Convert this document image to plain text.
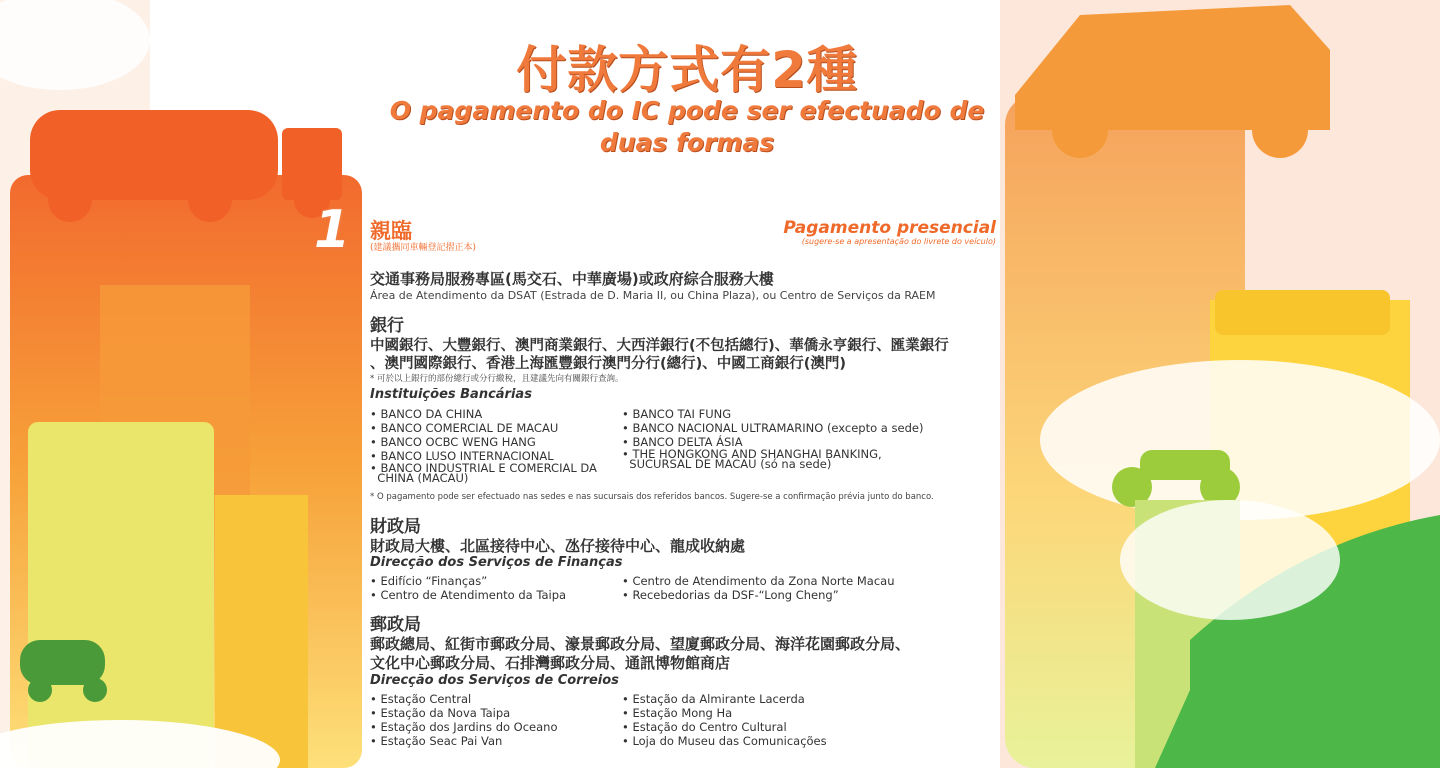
付款方式有2種
O pagamento do IC pode ser efectuado de
duas formas
1 親臨
(建議攜同車輛登記摺正本)
Pagamento presencial
(sugere-se a apresentação do livrete do veículo)
交通事務局服務專區(馬交石、中華廣場)或政府綜合服務大樓
Área de Atendimento da DSAT (Estrada de D. Maria II, ou China Plaza), ou Centro de Serviços da RAEM
銀行
中國銀行、大豐銀行、澳門商業銀行、大西洋銀行(不包括總行)、華僑永亨銀行、匯業銀行
、澳門國際銀行、香港上海匯豐銀行澳門分行(總行)、中國工商銀行(澳門)
* 可於以上銀行的部份總行或分行繳稅，且建議先向有關銀行查詢。
Instituições Bancárias
• BANCO DA CHINA
• BANCO COMERCIAL DE MACAU
• BANCO OCBC WENG HANG
• BANCO LUSO INTERNACIONAL
• BANCO INDUSTRIAL E COMERCIAL DA
CHINA (MACAU)
• BANCO TAI FUNG
• BANCO NACIONAL ULTRAMARINO (excepto a sede)
• BANCO DELTA ÁSIA
• THE HONGKONG AND SHANGHAI BANKING,
SUCURSAL DE MACAU (só na sede)
* O pagamento pode ser efectuado nas sedes e nas sucursais dos referidos bancos. Sugere-se a confirmação prévia junto do banco.
財政局
財政局大樓、北區接待中心、氹仔接待中心、龍成收納處
Direcção dos Serviços de Finanças
• Edifício “Finanças”
• Centro de Atendimento da Taipa
• Centro de Atendimento da Zona Norte Macau
• Recebedorias da DSF-“Long Cheng”
郵政局
郵政總局、紅街市郵政分局、濠景郵政分局、望廈郵政分局、海洋花園郵政分局、
文化中心郵政分局、石排灣郵政分局、通訊博物館商店
Direcção dos Serviços de Correios
• Estação Central
• Estação da Nova Taipa
• Estação dos Jardins do Oceano
• Estação Seac Pai Van
• Estação da Almirante Lacerda
• Estação Mong Ha
• Estação do Centro Cultural
• Loja do Museu das Comunicações
